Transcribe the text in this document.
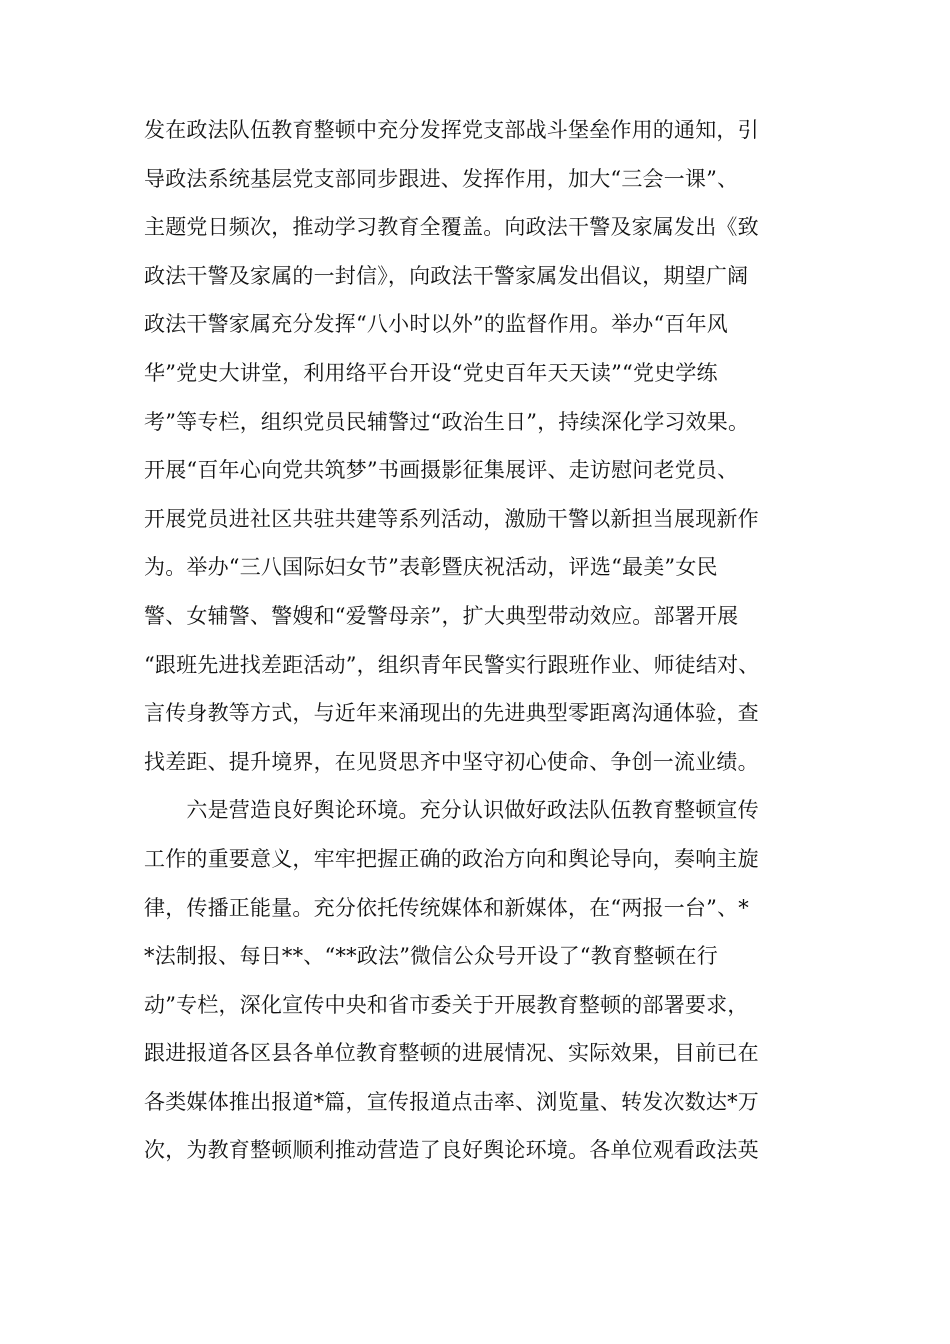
发在政法队伍教育整顿中充分发挥党支部战斗堡垒作用的通知，引
导政法系统基层党支部同步跟进、发挥作用，加大“三会一课”、
主题党日频次，推动学习教育全覆盖。向政法干警及家属发出《致
政法干警及家属的一封信》，向政法干警家属发出倡议，期望广阔
政法干警家属充分发挥“八小时以外”的监督作用。举办“百年风
华”党史大讲堂，利用络平台开设“党史百年天天读”“党史学练
考”等专栏，组织党员民辅警过“政治生日”，持续深化学习效果。
开展“百年心向党共筑梦”书画摄影征集展评、走访慰问老党员、
开展党员进社区共驻共建等系列活动，激励干警以新担当展现新作
为。举办“三八国际妇女节”表彰暨庆祝活动，评选“最美”女民
警、女辅警、警嫂和“爱警母亲”，扩大典型带动效应。部署开展
“跟班先进找差距活动”，组织青年民警实行跟班作业、师徒结对、
言传身教等方式，与近年来涌现出的先进典型零距离沟通体验，查
找差距、提升境界，在见贤思齐中坚守初心使命、争创一流业绩。
　　六是营造良好舆论环境。充分认识做好政法队伍教育整顿宣传
工作的重要意义，牢牢把握正确的政治方向和舆论导向，奏响主旋
律，传播正能量。充分依托传统媒体和新媒体，在“两报一台”、*
*法制报、每日**、“**政法”微信公众号开设了“教育整顿在行
动”专栏，深化宣传中央和省市委关于开展教育整顿的部署要求，
跟进报道各区县各单位教育整顿的进展情况、实际效果，目前已在
各类媒体推出报道*篇，宣传报道点击率、浏览量、转发次数达*万
次，为教育整顿顺利推动营造了良好舆论环境。各单位观看政法英
